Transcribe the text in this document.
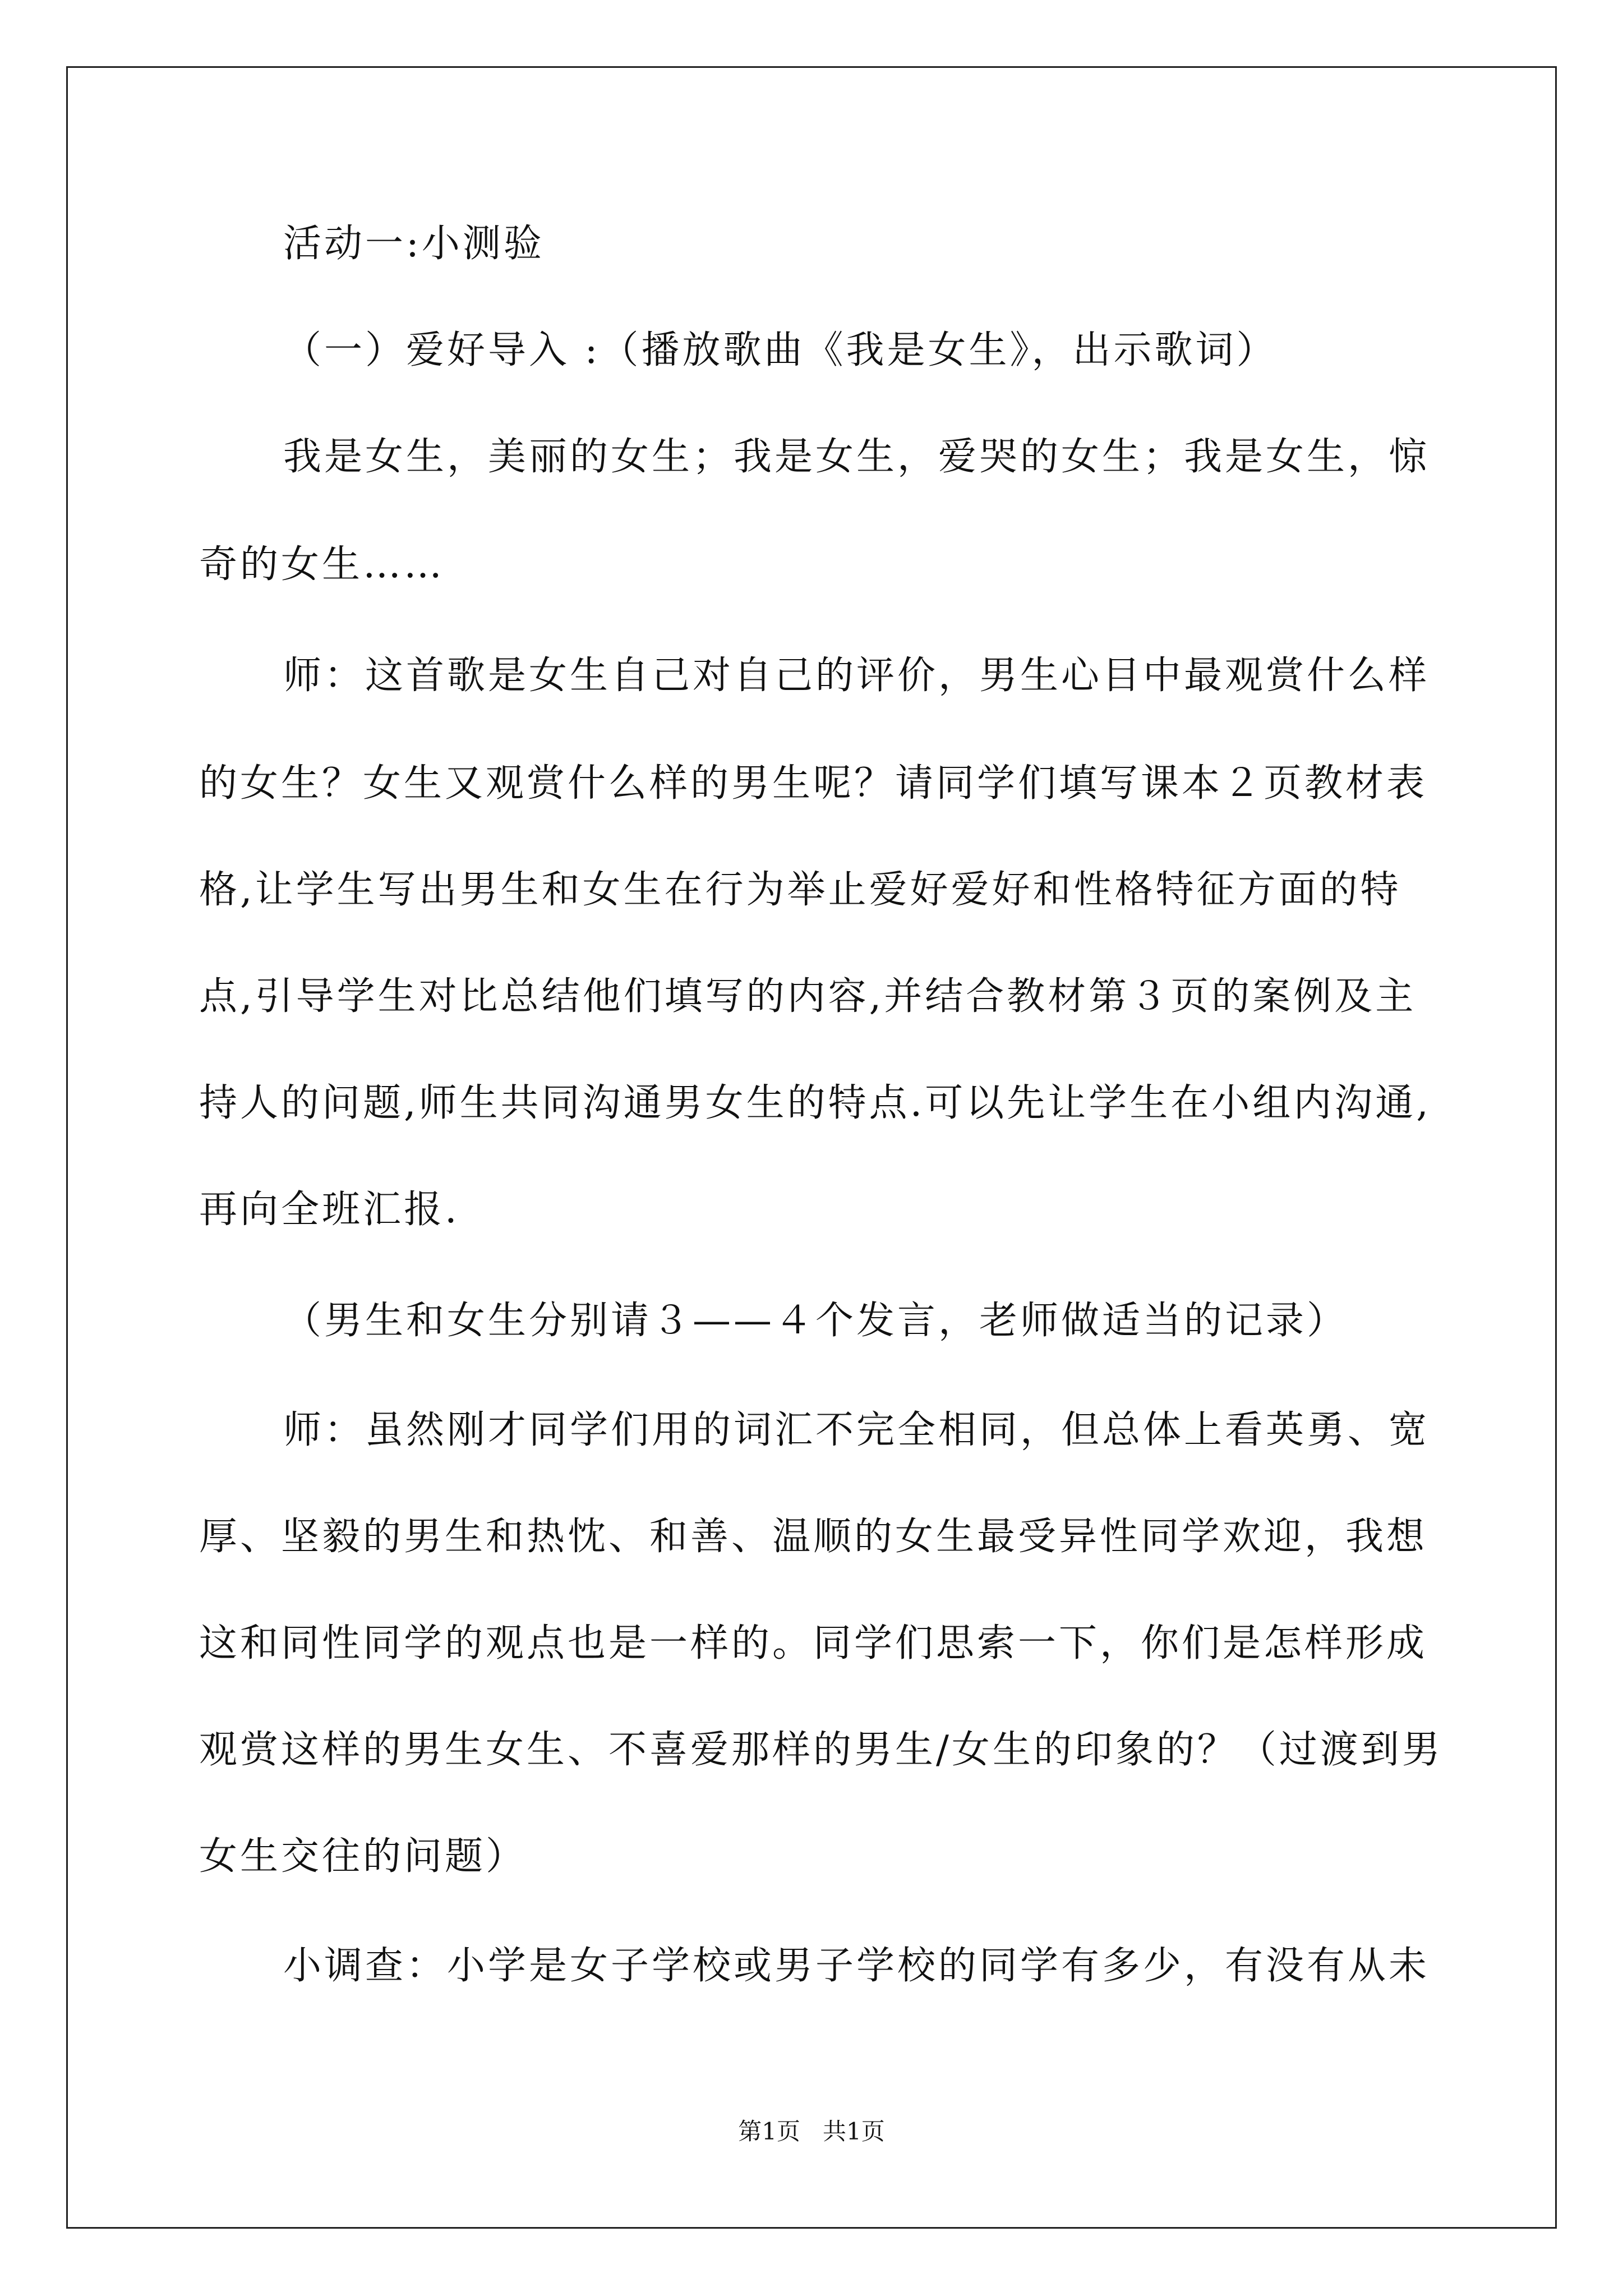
活动一:小测验
（一）爱好导入 :（播放歌曲《我是女生》，出示歌词）
我是女生，美丽的女生；我是女生，爱哭的女生；我是女生，惊
奇的女生……
师：这首歌是女生自己对自己的评价，男生心目中最观赏什么样
的女生？女生又观赏什么样的男生呢？请同学们填写课本２页教材表
格,让学生写出男生和女生在行为举止爱好爱好和性格特征方面的特
点,引导学生对比总结他们填写的内容,并结合教材第３页的案例及主
持人的问题,师生共同沟通男女生的特点.可以先让学生在小组内沟通,
再向全班汇报.
（男生和女生分别请３——４个发言，老师做适当的记录）
师：虽然刚才同学们用的词汇不完全相同，但总体上看英勇、宽
厚、坚毅的男生和热忱、和善、温顺的女生最受异性同学欢迎，我想
这和同性同学的观点也是一样的。同学们思索一下，你们是怎样形成
观赏这样的男生女生、不喜爱那样的男生/女生的印象的？（过渡到男
女生交往的问题）
小调查：小学是女子学校或男子学校的同学有多少，有没有从未
第1页   共1页
